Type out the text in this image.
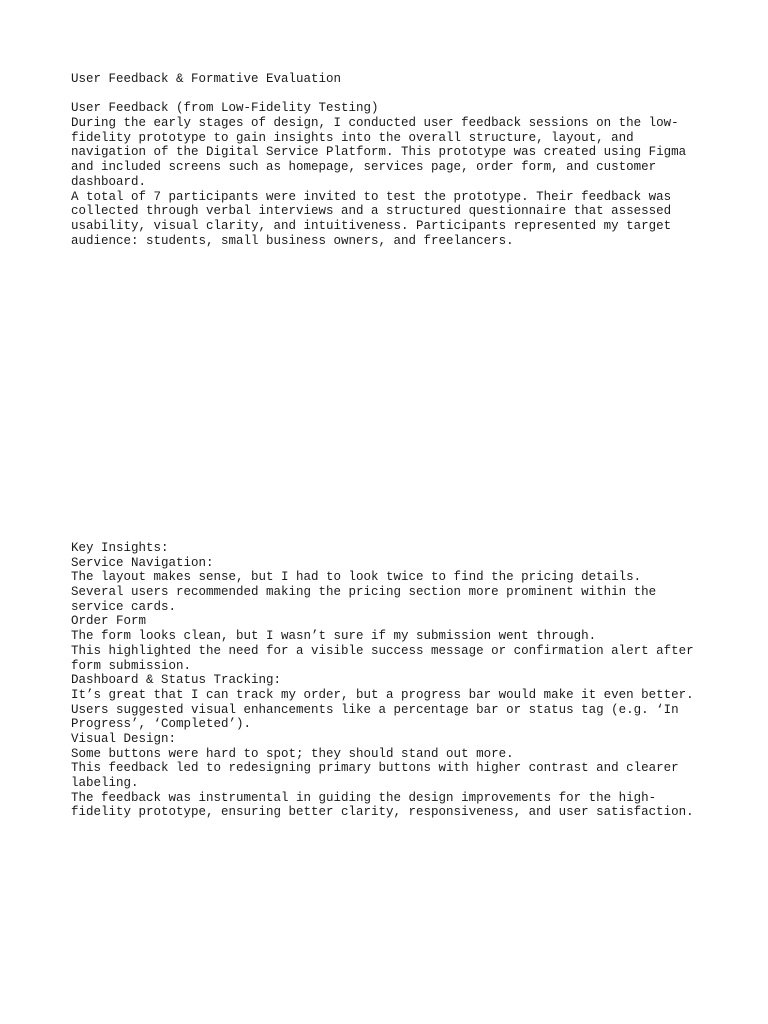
User Feedback & Formative Evaluation
User Feedback (from Low-Fidelity Testing)
During the early stages of design, I conducted user feedback sessions on the low-
fidelity prototype to gain insights into the overall structure, layout, and
navigation of the Digital Service Platform. This prototype was created using Figma
and included screens such as homepage, services page, order form, and customer
dashboard.
A total of 7 participants were invited to test the prototype. Their feedback was
collected through verbal interviews and a structured questionnaire that assessed
usability, visual clarity, and intuitiveness. Participants represented my target
audience: students, small business owners, and freelancers.
Key Insights:
Service Navigation:
The layout makes sense, but I had to look twice to find the pricing details.
Several users recommended making the pricing section more prominent within the
service cards.
Order Form
The form looks clean, but I wasn’t sure if my submission went through.
This highlighted the need for a visible success message or confirmation alert after
form submission.
Dashboard & Status Tracking:
It’s great that I can track my order, but a progress bar would make it even better.
Users suggested visual enhancements like a percentage bar or status tag (e.g. ‘In
Progress’, ‘Completed’).
Visual Design:
Some buttons were hard to spot; they should stand out more.
This feedback led to redesigning primary buttons with higher contrast and clearer
labeling.
The feedback was instrumental in guiding the design improvements for the high-
fidelity prototype, ensuring better clarity, responsiveness, and user satisfaction.
